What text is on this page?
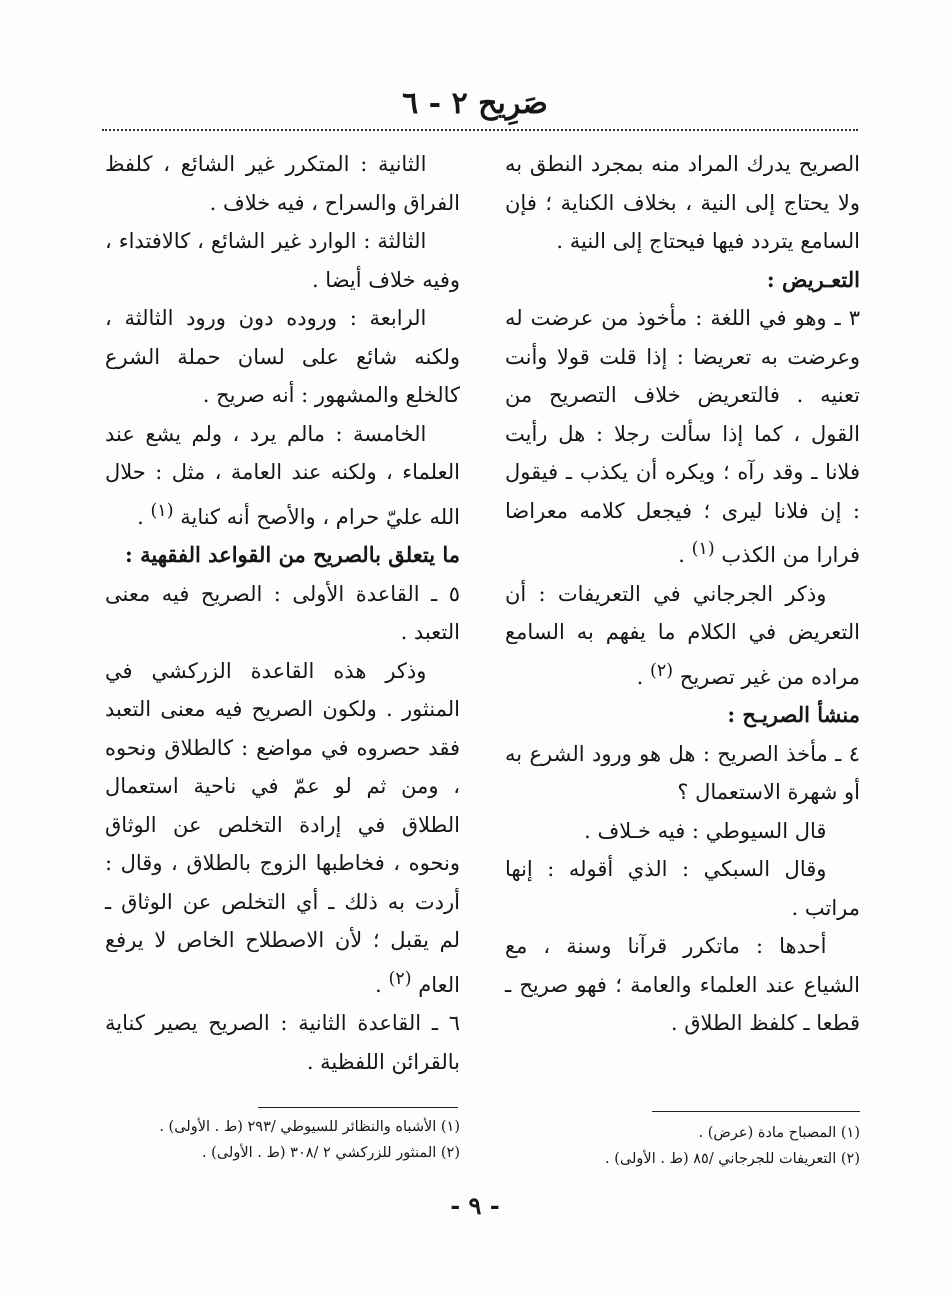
صَرِيح ٢ - ٦

الصريح يدرك المراد منه بمجرد النطق به ولا يحتاج إلى النية ، بخلاف الكناية ؛ فإن السامع يتردد فيها فيحتاج إلى النية .

التعـريض :

٣ ـ وهو في اللغة : مأخوذ من عرضت له وعرضت به تعريضا : إذا قلت قولا وأنت تعنيه . فالتعريض خلاف التصريح من القول ، كما إذا سألت رجلا : هل رأيت فلانا ـ وقد رآه ؛ ويكره أن يكذب ـ فيقول : إن فلانا ليرى ؛ فيجعل كلامه معراضا فرارا من الكذب $^{(١)}$ .

وذكر الجرجاني في التعريفات : أن التعريض في الكلام ما يفهم به السامع مراده من غير تصريح $^{(٢)}$ .

منشأ الصريـح :

٤ ـ مأخذ الصريح : هل هو ورود الشرع به أو شهرة الاستعمال ؟

قال السيوطي : فيه خـلاف .

وقال السبكي : الذي أقوله : إنها مراتب .

أحدها : ماتكرر قرآنا وسنة ، مع الشياع عند العلماء والعامة ؛ فهو صريح ـ قطعا ـ كلفظ الطلاق .

الثانية : المتكرر غير الشائع ، كلفظ الفراق والسراح ، فيه خلاف .

الثالثة : الوارد غير الشائع ، كالافتداء ، وفيه خلاف أيضا .

الرابعة : وروده دون ورود الثالثة ، ولكنه شائع على لسان حملة الشرع كالخلع والمشهور : أنه صريح .

الخامسة : مالم يرد ، ولم يشع عند العلماء ، ولكنه عند العامة ، مثل : حلال الله عليّ حرام ، والأصح أنه كناية $^{(١)}$ .

ما يتعلق بالصريح من القواعد الفقهية :

٥ ـ القاعدة الأولى : الصريح فيه معنى التعبد .

وذكر هذه القاعدة الزركشي في المنثور . ولكون الصريح فيه معنى التعبد فقد حصروه في مواضع : كالطلاق ونحوه ، ومن ثم لو عمّ في ناحية استعمال الطلاق في إرادة التخلص عن الوثاق ونحوه ، فخاطبها الزوج بالطلاق ، وقال : أردت به ذلك ـ أي التخلص عن الوثاق ـ لم يقبل ؛ لأن الاصطلاح الخاص لا يرفع العام $^{(٢)}$ .

٦ ـ القاعدة الثانية : الصريح يصير كناية بالقرائن اللفظية .

(١) المصباح مادة (عرض) .

(٢) التعريفات للجرجاني /٨٥ (ط . الأولى) .

(١) الأشباه والنظائر للسيوطي /٢٩٣ (ط . الأولى) .

(٢) المنثور للزركشي ٢ /٣٠٨ (ط . الأولى) .

- ٩ -
